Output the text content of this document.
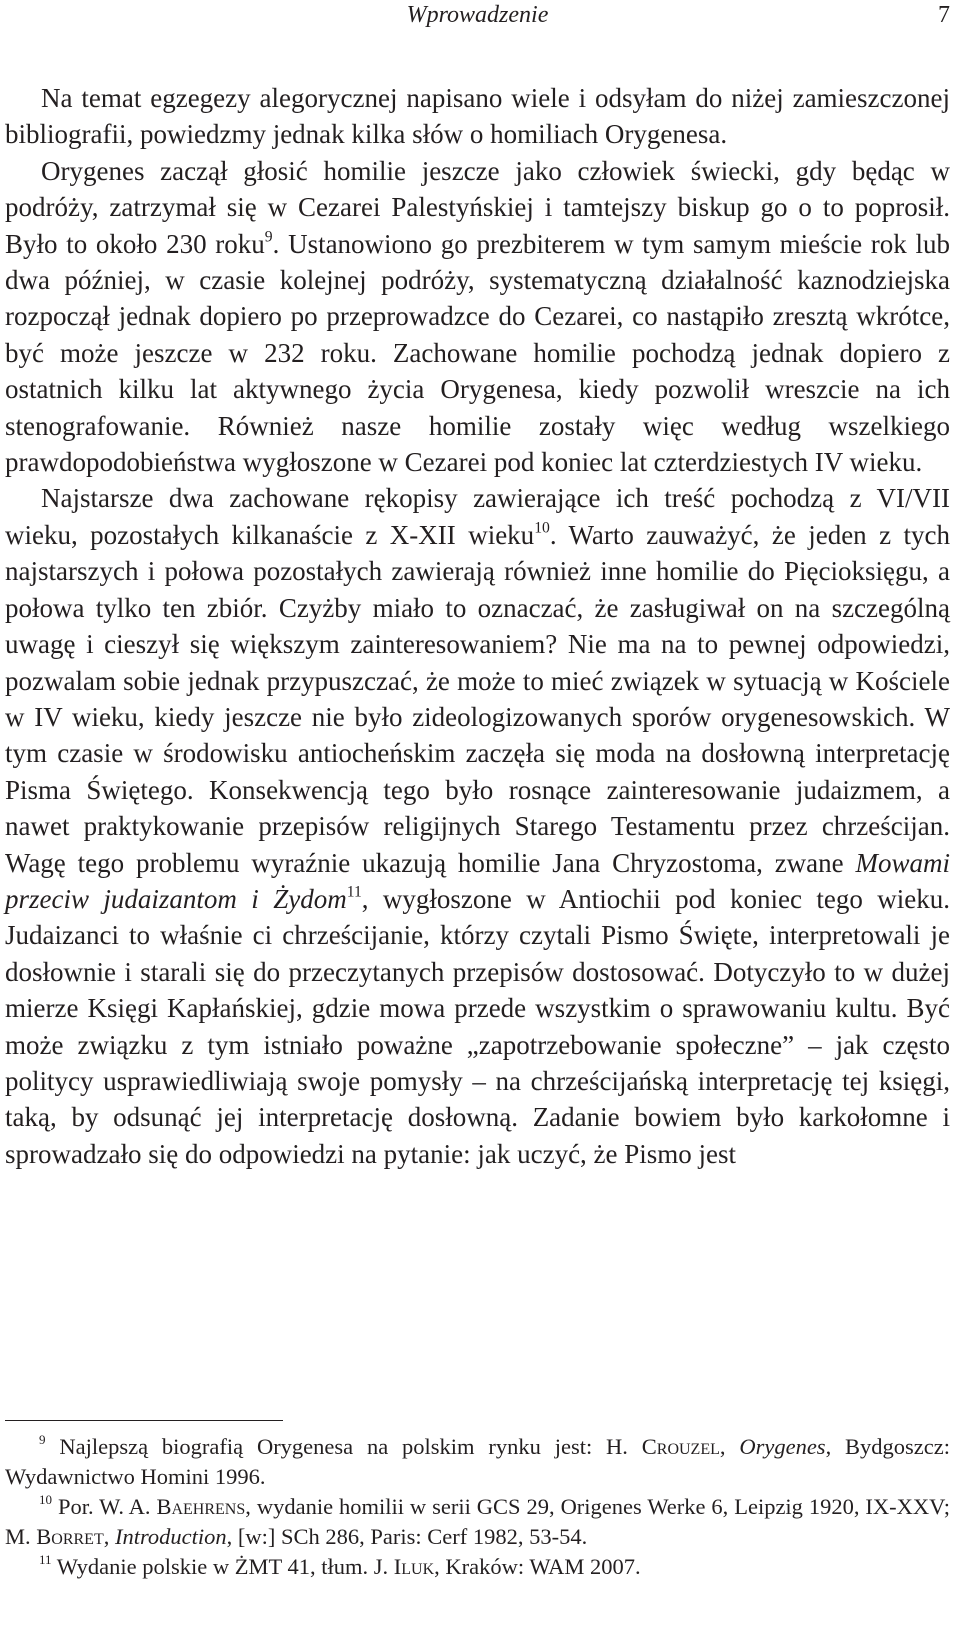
Wprowadzenie	7

Na temat egzegezy alegorycznej napisano wiele i odsyłam do niżej zamieszczonej bibliografii, powiedzmy jednak kilka słów o homiliach Orygenesa.

Orygenes zaczął głosić homilie jeszcze jako człowiek świecki, gdy będąc w podróży, zatrzymał się w Cezarei Palestyńskiej i tamtejszy biskup go o to poprosił. Było to około 230 roku$^9$. Ustanowiono go prezbiterem w tym samym mieście rok lub dwa później, w czasie kolejnej podróży, systematyczną działalność kaznodziejska rozpoczął jednak dopiero po przeprowadzce do Cezarei, co nastąpiło zresztą wkrótce, być może jeszcze w 232 roku. Zachowane homilie pochodzą jednak dopiero z ostatnich kilku lat aktywnego życia Orygenesa, kiedy pozwolił wreszcie na ich stenografowanie. Również nasze homilie zostały więc według wszelkiego prawdopodobieństwa wygłoszone w Cezarei pod koniec lat czterdziestych IV wieku.

Najstarsze dwa zachowane rękopisy zawierające ich treść pochodzą z VI/VII wieku, pozostałych kilkanaście z X-XII wieku$^{10}$. Warto zauważyć, że jeden z tych najstarszych i połowa pozostałych zawierają również inne homilie do Pięcioksięgu, a połowa tylko ten zbiór. Czyżby miało to oznaczać, że zasługiwał on na szczególną uwagę i cieszył się większym zainteresowaniem? Nie ma na to pewnej odpowiedzi, pozwalam sobie jednak przypuszczać, że może to mieć związek w sytuacją w Kościele w IV wieku, kiedy jeszcze nie było zideologizowanych sporów orygenesowskich. W tym czasie w środowisku antiocheńskim zaczęła się moda na dosłowną interpretację Pisma Świętego. Konsekwencją tego było rosnące zainteresowanie judaizmem, a nawet praktykowanie przepisów religijnych Starego Testamentu przez chrześcijan. Wagę tego problemu wyraźnie ukazują homilie Jana Chryzostoma, zwane Mowami przeciw judaizantom i Żydom$^{11}$, wygłoszone w Antiochii pod koniec tego wieku. Judaizanci to właśnie ci chrześcijanie, którzy czytali Pismo Święte, interpretowali je dosłownie i starali się do przeczytanych przepisów dostosować. Dotyczyło to w dużej mierze Księgi Kapłańskiej, gdzie mowa przede wszystkim o sprawowaniu kultu. Być może związku z tym istniało poważne „zapotrzebowanie społeczne” – jak często politycy usprawiedliwiają swoje pomysły – na chrześcijańską interpretację tej księgi, taką, by odsunąć jej interpretację dosłowną. Zadanie bowiem było karkołomne i sprowadzało się do odpowiedzi na pytanie: jak uczyć, że Pismo jest

$^9$ Najlepszą biografią Orygenesa na polskim rynku jest: H. Crouzel, Orygenes, Bydgoszcz: Wydawnictwo Homini 1996.

$^{10}$ Por. W. A. Baehrens, wydanie homilii w serii GCS 29, Origenes Werke 6, Leipzig 1920, IX-XXV; M. Borret, Introduction, [w:] SCh 286, Paris: Cerf 1982, 53-54.

$^{11}$ Wydanie polskie w ŻMT 41, tłum. J. Iluk, Kraków: WAM 2007.
